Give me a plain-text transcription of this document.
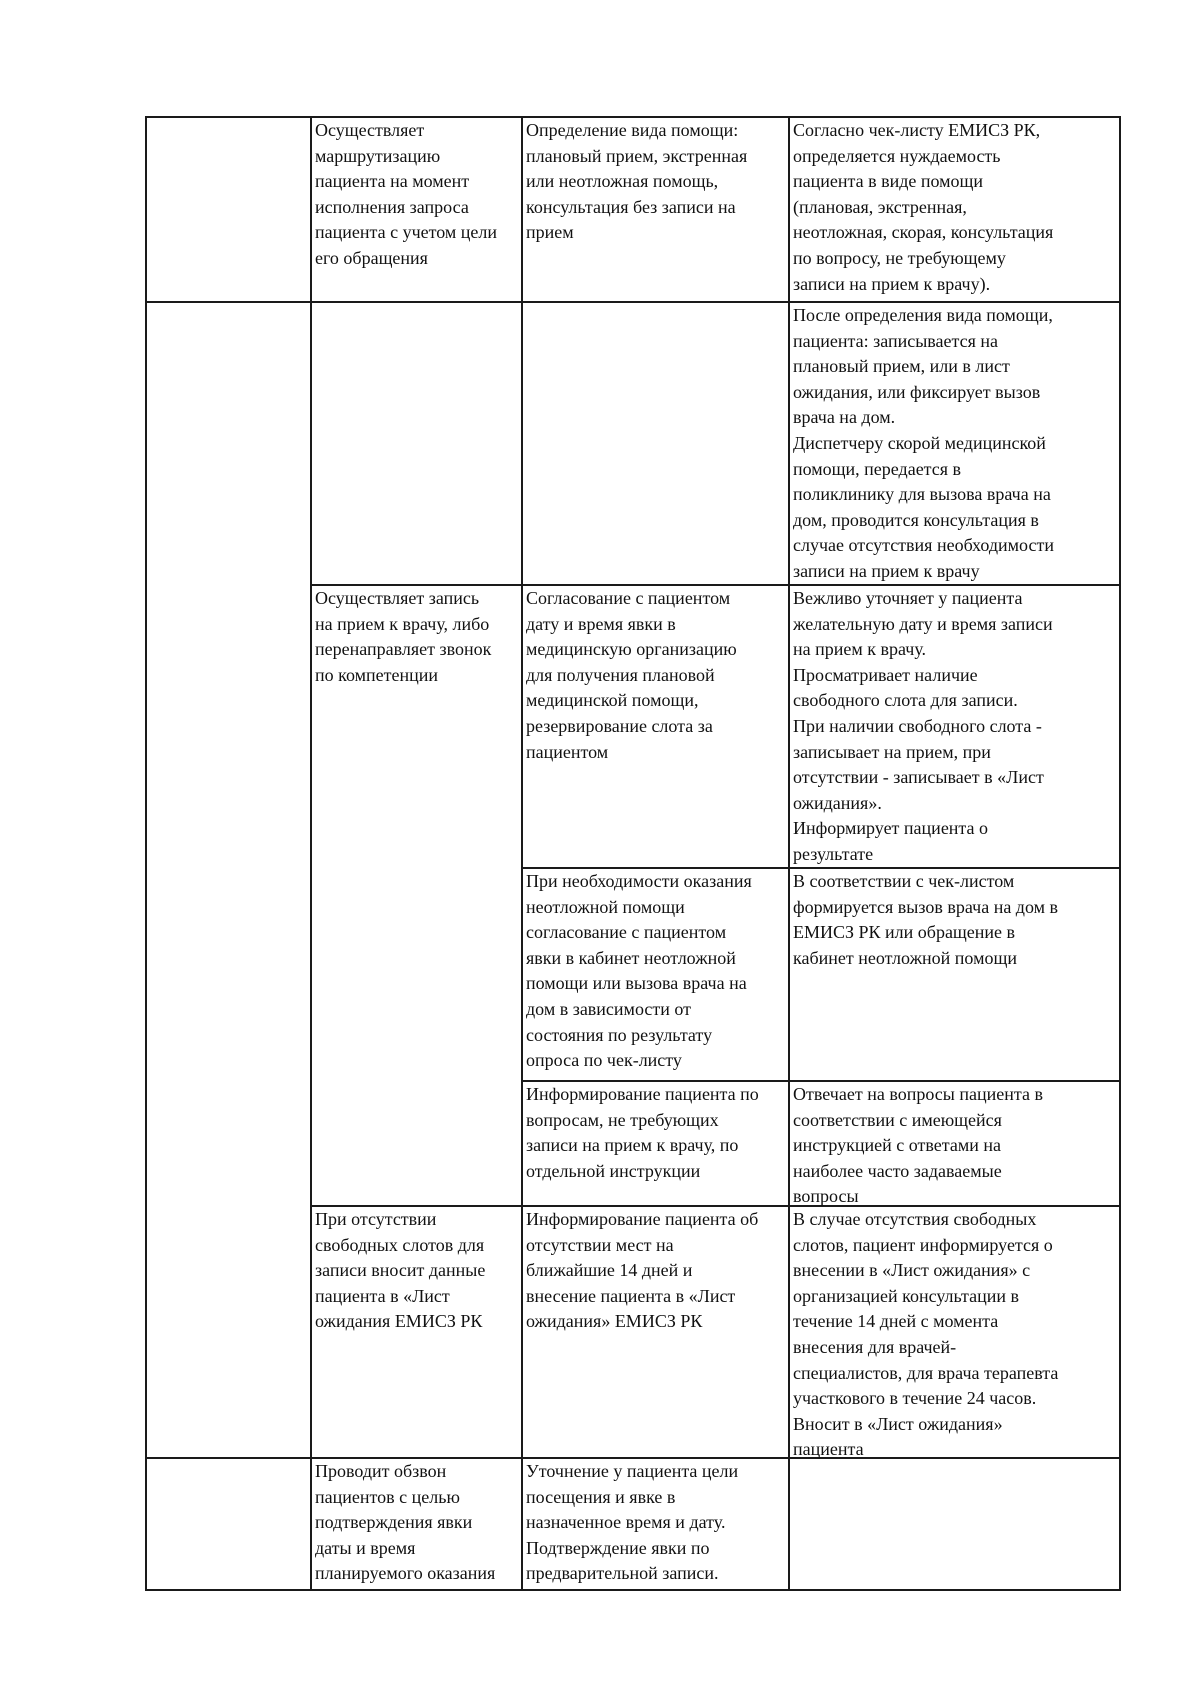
Осуществляет
маршрутизацию
пациента на момент
исполнения запроса
пациента с учетом цели
его обращения
Определение вида помощи:
плановый прием, экстренная
или неотложная помощь,
консультация без записи на
прием
Согласно чек-листу ЕМИСЗ РК,
определяется нуждаемость
пациента в виде помощи
(плановая, экстренная,
неотложная, скорая, консультация
по вопросу, не требующему
записи на прием к врачу).
После определения вида помощи,
пациента: записывается на
плановый прием, или в лист
ожидания, или фиксирует вызов
врача на дом.
Диспетчеру скорой медицинской
помощи, передается в
поликлинику для вызова врача на
дом, проводится консультация в
случае отсутствия необходимости
записи на прием к врачу
Осуществляет запись
на прием к врачу, либо
перенаправляет звонок
по компетенции
Согласование с пациентом
дату и время явки в
медицинскую организацию
для получения плановой
медицинской помощи,
резервирование слота за
пациентом
Вежливо уточняет у пациента
желательную дату и время записи
на прием к врачу.
Просматривает наличие
свободного слота для записи.
При наличии свободного слота -
записывает на прием, при
отсутствии - записывает в «Лист
ожидания».
Информирует пациента о
результате
При необходимости оказания
неотложной помощи
согласование с пациентом
явки в кабинет неотложной
помощи или вызова врача на
дом в зависимости от
состояния по результату
опроса по чек-листу
В соответствии с чек-листом
формируется вызов врача на дом в
ЕМИСЗ РК или обращение в
кабинет неотложной помощи
Информирование пациента по
вопросам, не требующих
записи на прием к врачу, по
отдельной инструкции
Отвечает на вопросы пациента в
соответствии с имеющейся
инструкцией с ответами на
наиболее часто задаваемые
вопросы
При отсутствии
свободных слотов для
записи вносит данные
пациента в «Лист
ожидания ЕМИСЗ РК
Информирование пациента об
отсутствии мест на
ближайшие 14 дней и
внесение пациента в «Лист
ожидания» ЕМИСЗ РК
В случае отсутствия свободных
слотов, пациент информируется о
внесении в «Лист ожидания» с
организацией консультации в
течение 14 дней с момента
внесения для врачей-
специалистов, для врача терапевта
участкового в течение 24 часов.
Вносит в «Лист ожидания»
пациента
Проводит обзвон
пациентов с целью
подтверждения явки
даты и время
планируемого оказания
Уточнение у пациента цели
посещения и явке в
назначенное время и дату.
Подтверждение явки по
предварительной записи.
